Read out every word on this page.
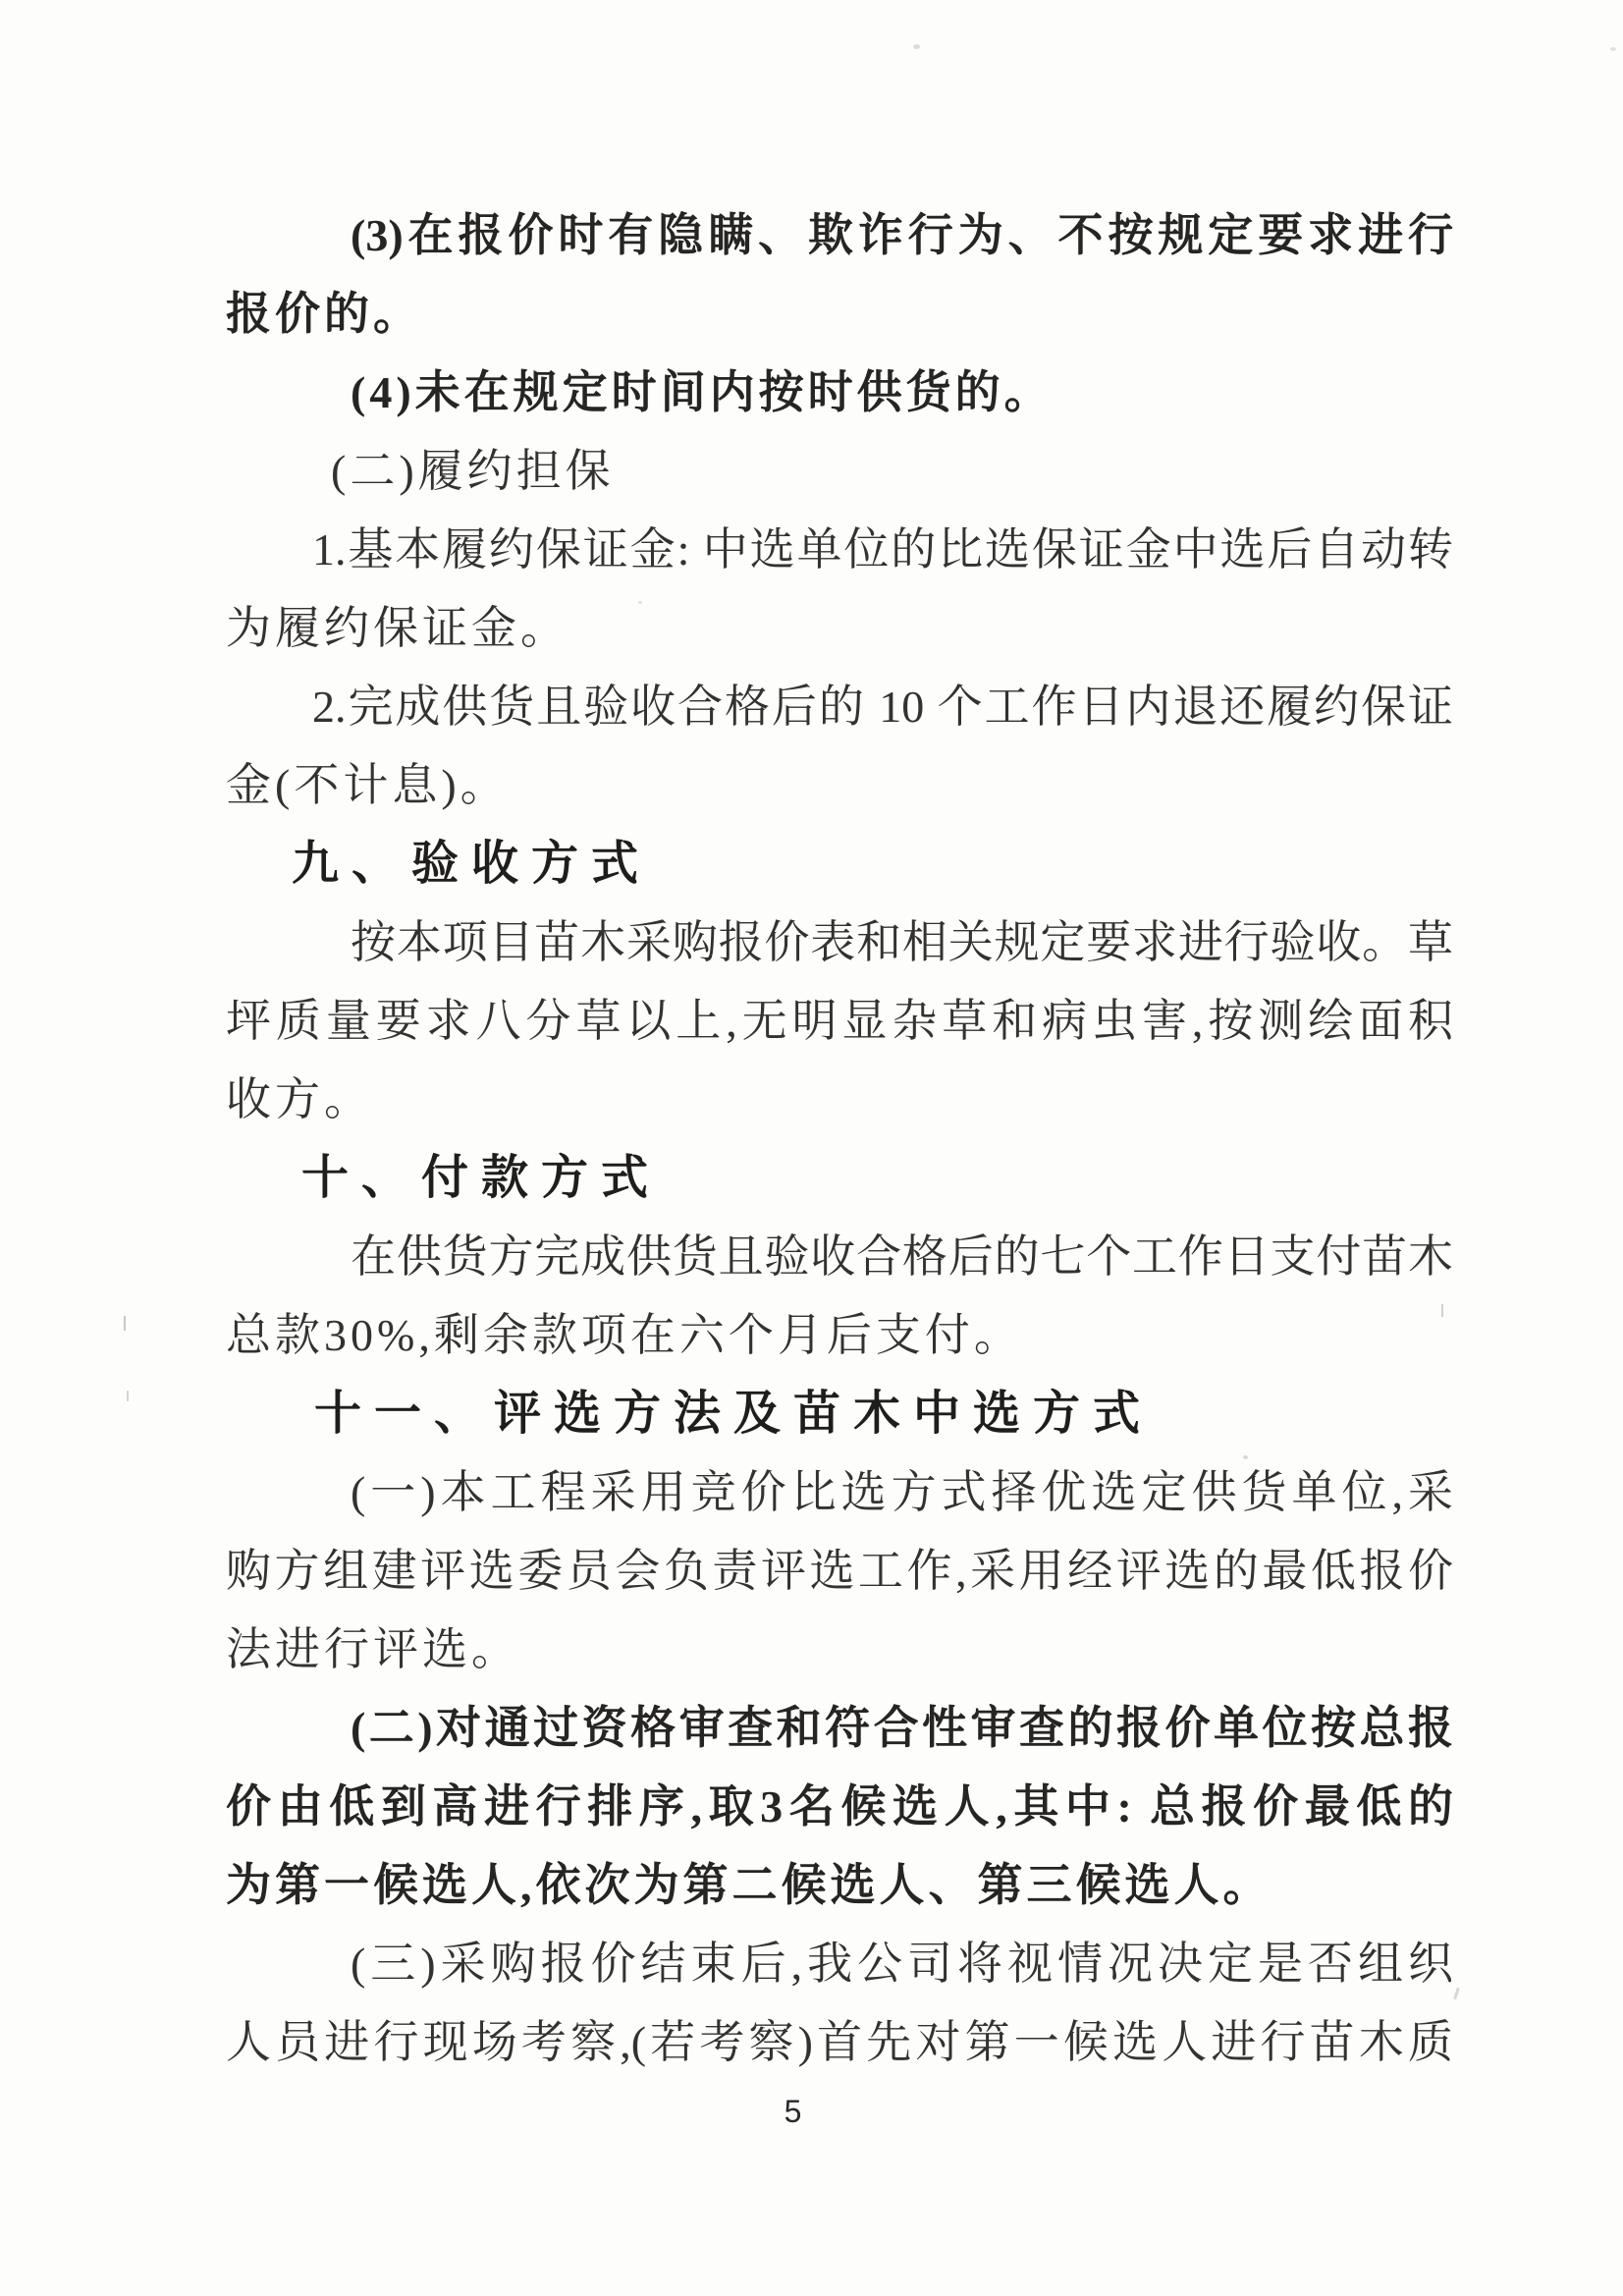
(3)在报价时有隐瞒、欺诈行为、不按规定要求进行
报价的。
(4)未在规定时间内按时供货的。
(二)履约担保
1.基本履约保证金: 中选单位的比选保证金中选后自动转
为履约保证金。
2.完成供货且验收合格后的 10 个工作日内退还履约保证
金(不计息)。
九、验收方式
按本项目苗木采购报价表和相关规定要求进行验收。草
坪质量要求八分草以上,无明显杂草和病虫害,按测绘面积
收方。
十、付款方式
在供货方完成供货且验收合格后的七个工作日支付苗木
总款30%,剩余款项在六个月后支付。
十一、评选方法及苗木中选方式
(一)本工程采用竞价比选方式择优选定供货单位,采
购方组建评选委员会负责评选工作,采用经评选的最低报价
法进行评选。
(二)对通过资格审查和符合性审查的报价单位按总报
价由低到高进行排序,取3名候选人,其中: 总报价最低的
为第一候选人,依次为第二候选人、第三候选人。
(三)采购报价结束后,我公司将视情况决定是否组织
人员进行现场考察,(若考察)首先对第一候选人进行苗木质
5
